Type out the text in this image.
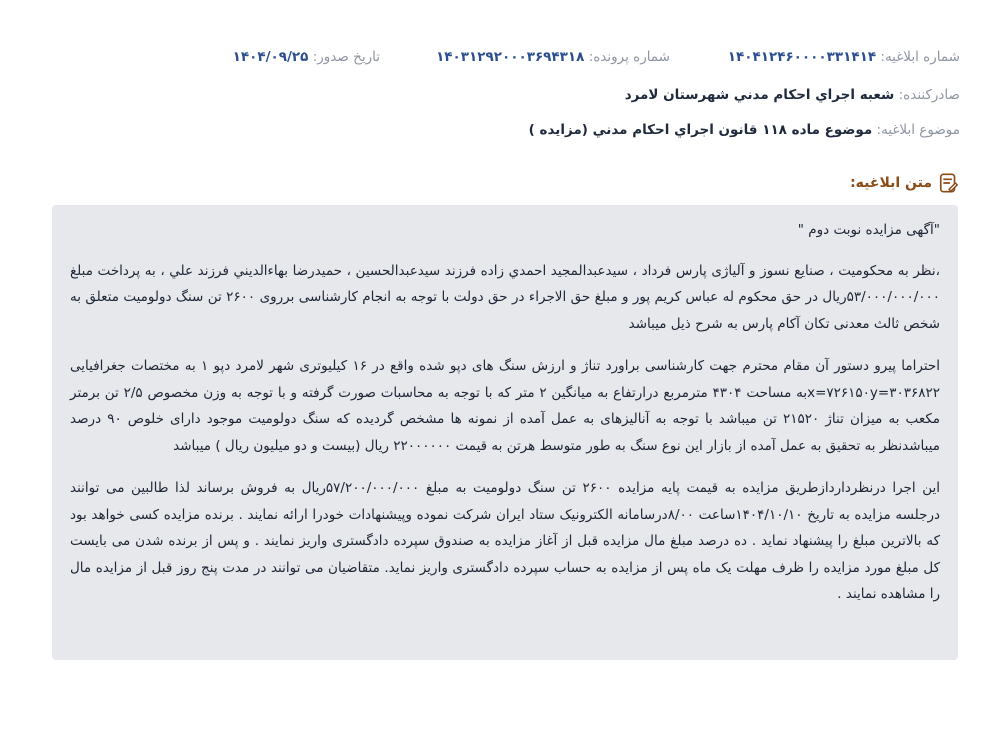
شماره ابلاغیه: ۱۴۰۴۱۲۴۶۰۰۰۰۳۳۱۴۱۴
شماره پرونده: ۱۴۰۳۱۲۹۲۰۰۰۳۶۹۴۳۱۸
تاریخ صدور: ۱۴۰۴/۰۹/۲۵
صادرکننده: شعبه اجراي احكام مدني شهرستان لامرد
موضوع ابلاغیه: موضوع ماده ۱۱۸ قانون اجراي احكام مدني (مزايده )
متن ابلاغیه:

"آگهی مزایده نوبت دوم "

،نظر به محکومیت ، صنایع نسوز و آلیاژی پارس فرداد ، سیدعبدالمجید احمدي زاده فرزند سیدعبدالحسین ، حمیدرضا بهاءالديني فرزند علي ، به پرداخت مبلغ ۵۳/۰۰۰/۰۰۰/۰۰۰ريال در حق محکوم له عباس کریم پور و مبلغ حق الاجراء در حق دولت با توجه به انجام کارشناسی برروی ۲۶۰۰ تن سنگ دولومیت متعلق به شخص ثالث معدنی تکان آکام پارس به شرح ذیل میباشد

احتراما پیرو دستور آن مقام محترم جهت کارشناسی براورد تناژ و ارزش سنگ های دپو شده واقع در ۱۶ کیلیوتری شهر لامرد دپو ۱ به مختصات جغرافیایی x=۷۲۶۱۵۰y=۳۰۳۶۸۲۲به مساحت ۴۳۰۴ مترمربع درارتفاع به میانگین ۲ متر که با توجه به محاسبات صورت گرفته و با توجه به وزن مخصوص ۲/۵ تن برمتر مکعب به میزان تناژ ۲۱۵۲۰ تن میباشد با توجه به آنالیزهای به عمل آمده از نمونه ها مشخص گردیده که سنگ دولومیت موجود دارای خلوص ۹۰ درصد میباشدنظر به تحقیق به عمل آمده از بازار این نوع سنگ به طور متوسط هرتن به قیمت ۲۲۰۰۰۰۰۰ ريال (بیست و دو میلیون ریال ) میباشد

این اجرا درنظرداردازطریق مزایده به قیمت پایه مزایده ۲۶۰۰ تن سنگ دولومیت به مبلغ ۵۷/۲۰۰/۰۰۰/۰۰۰ريال به فروش برساند لذا طالبین می توانند درجلسه مزایده به تاریخ ۱۴۰۴/۱۰/۱۰ساعت ۸/۰۰درسامانه الکترونیک ستاد ایران شرکت نموده وپیشنهادات خودرا ارائه نمایند . برنده مزایده کسی خواهد بود که بالاترین مبلغ را پیشنهاد نماید . ده درصد مبلغ مال مزایده قبل از آغاز مزایده به صندوق سپرده دادگستری واریز نمایند . و پس از برنده شدن می بایست کل مبلغ مورد مزایده را ظرف مهلت یک ماه پس از مزایده به حساب سپرده دادگستری واریز نماید. متقاضیان می توانند در مدت پنج روز قبل از مزایده مال را مشاهده نمایند .
